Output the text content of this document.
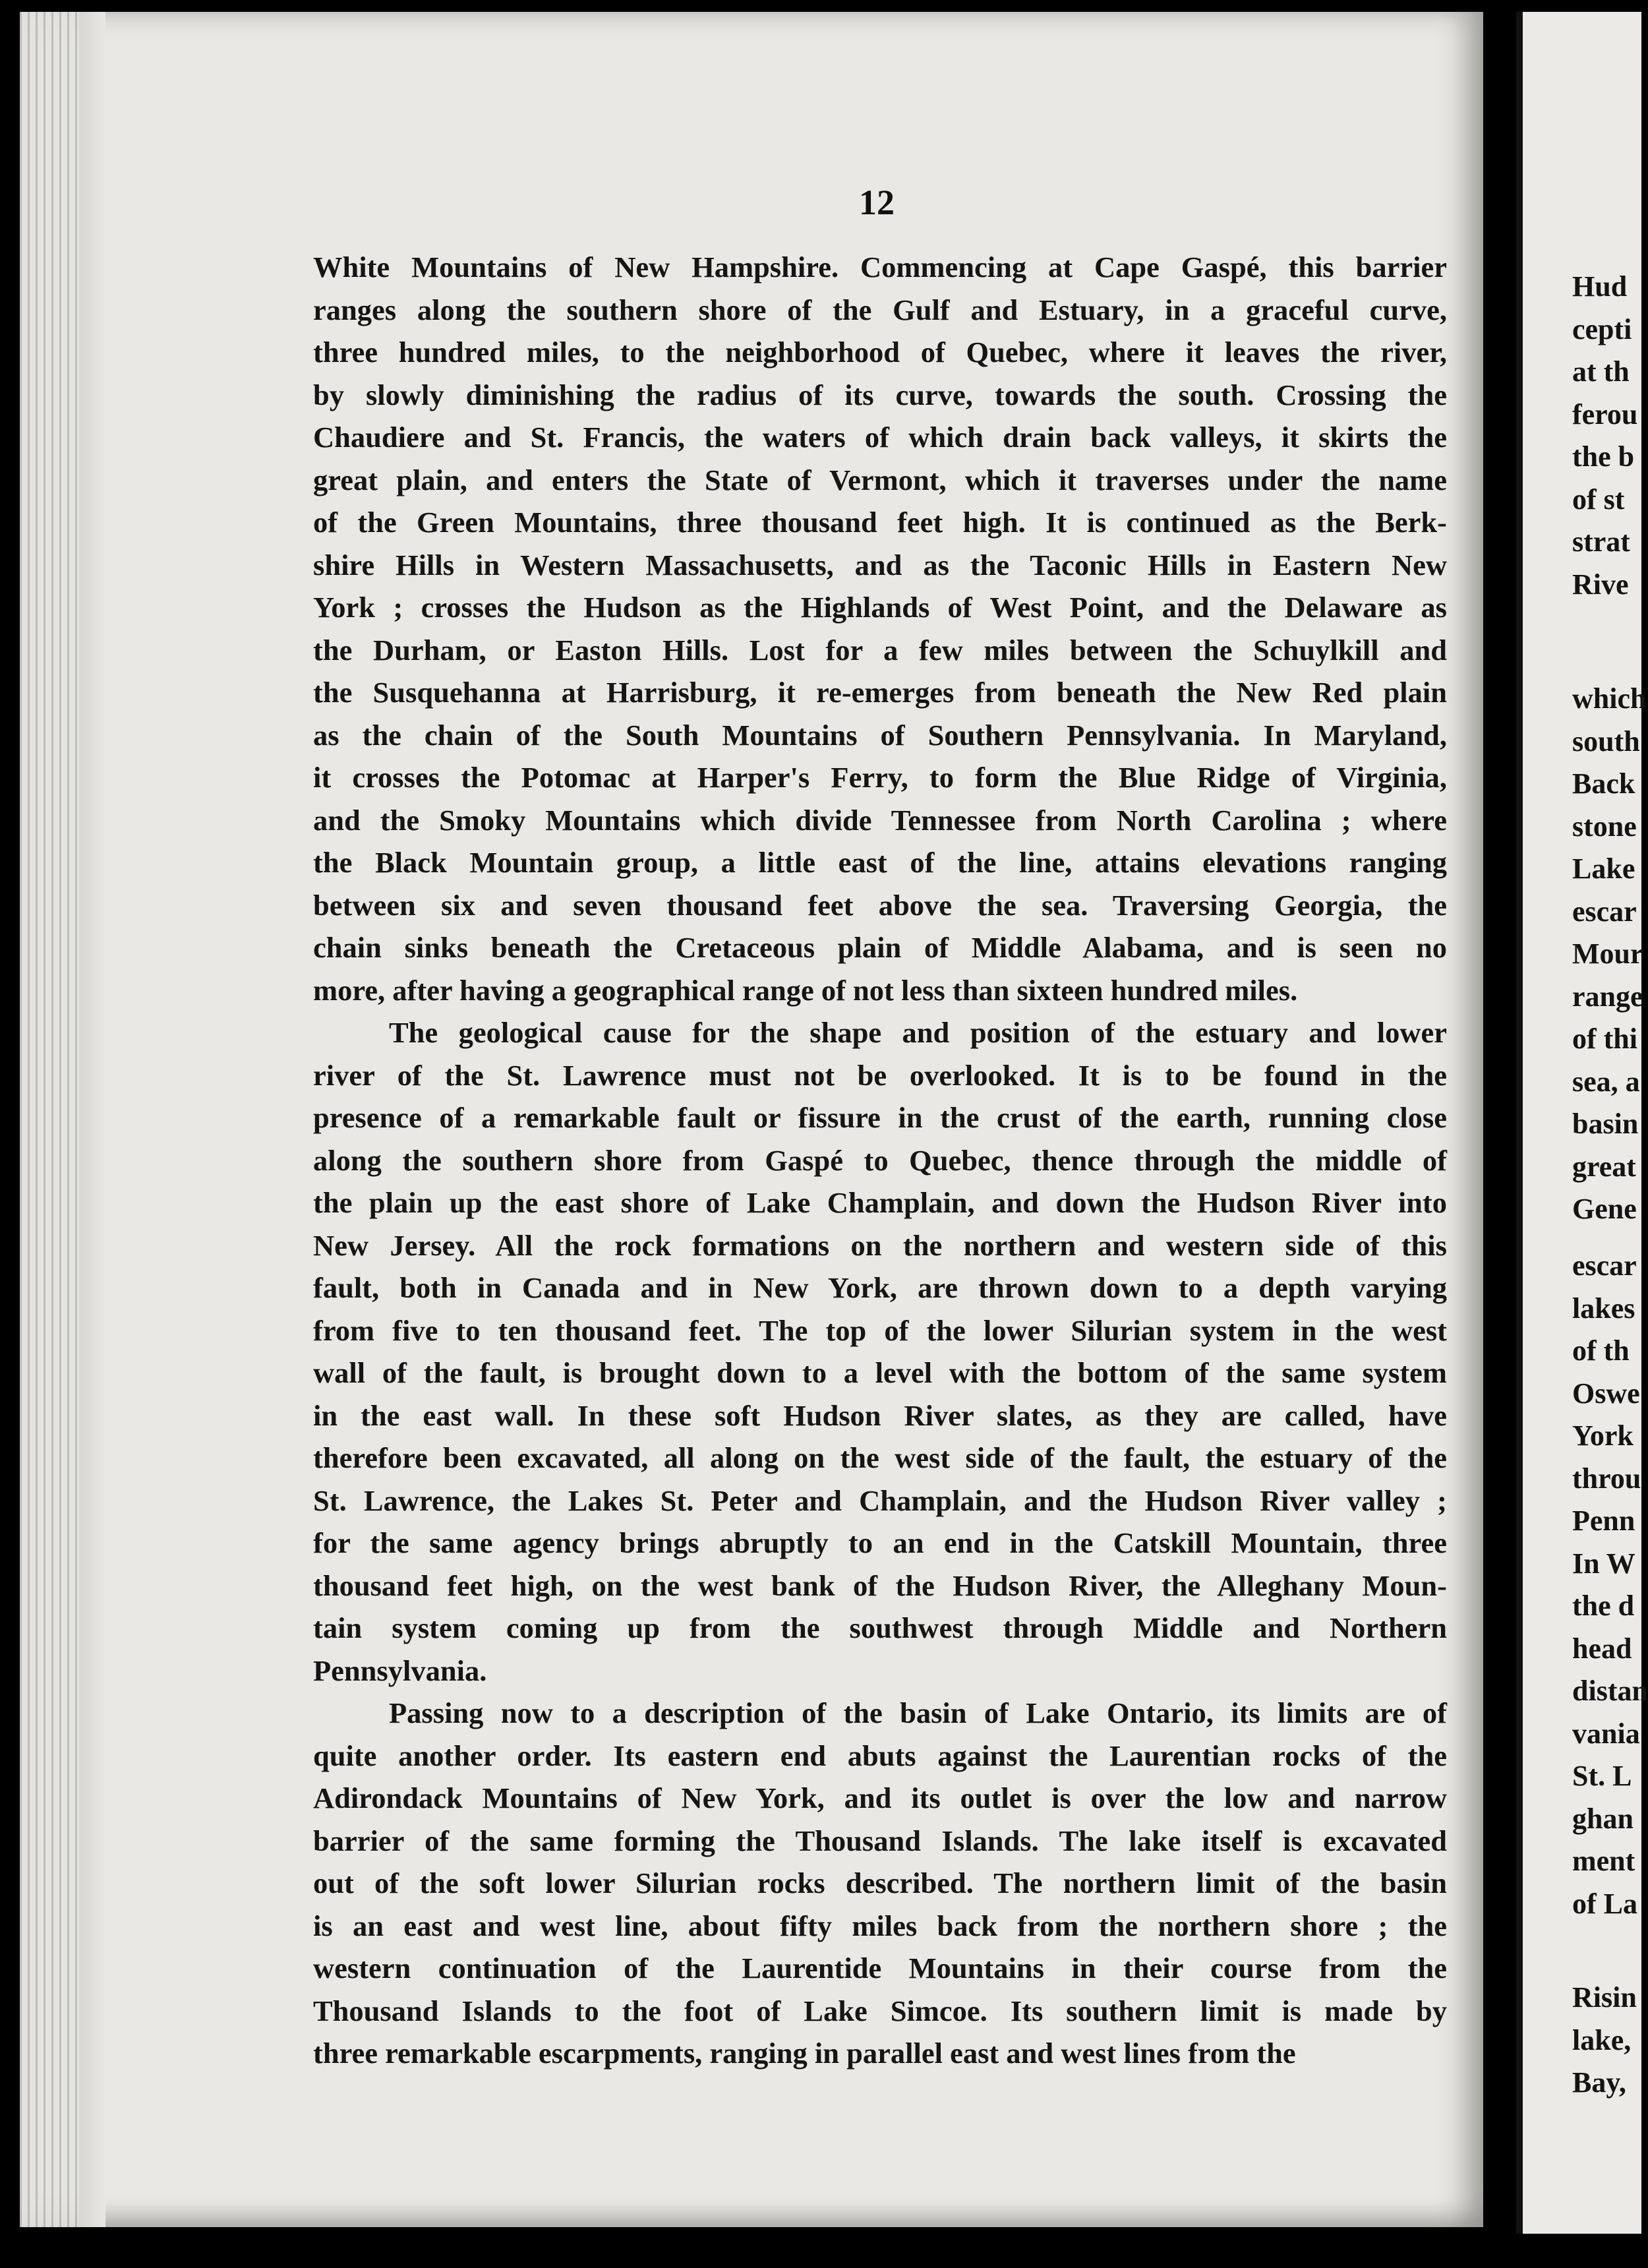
12
White Mountains of New Hampshire. Commencing at Cape Gaspé, this barrier
ranges along the southern shore of the Gulf and Estuary, in a graceful curve,
three hundred miles, to the neighborhood of Quebec, where it leaves the river,
by slowly diminishing the radius of its curve, towards the south. Crossing the
Chaudiere and St. Francis, the waters of which drain back valleys, it skirts the
great plain, and enters the State of Vermont, which it traverses under the name
of the Green Mountains, three thousand feet high. It is continued as the Berk-
shire Hills in Western Massachusetts, and as the Taconic Hills in Eastern New
York ; crosses the Hudson as the Highlands of West Point, and the Delaware as
the Durham, or Easton Hills. Lost for a few miles between the Schuylkill and
the Susquehanna at Harrisburg, it re-emerges from beneath the New Red plain
as the chain of the South Mountains of Southern Pennsylvania. In Maryland,
it crosses the Potomac at Harper's Ferry, to form the Blue Ridge of Virginia,
and the Smoky Mountains which divide Tennessee from North Carolina ; where
the Black Mountain group, a little east of the line, attains elevations ranging
between six and seven thousand feet above the sea. Traversing Georgia, the
chain sinks beneath the Cretaceous plain of Middle Alabama, and is seen no
more, after having a geographical range of not less than sixteen hundred miles.
The geological cause for the shape and position of the estuary and lower
river of the St. Lawrence must not be overlooked. It is to be found in the
presence of a remarkable fault or fissure in the crust of the earth, running close
along the southern shore from Gaspé to Quebec, thence through the middle of
the plain up the east shore of Lake Champlain, and down the Hudson River into
New Jersey. All the rock formations on the northern and western side of this
fault, both in Canada and in New York, are thrown down to a depth varying
from five to ten thousand feet. The top of the lower Silurian system in the west
wall of the fault, is brought down to a level with the bottom of the same system
in the east wall. In these soft Hudson River slates, as they are called, have
therefore been excavated, all along on the west side of the fault, the estuary of the
St. Lawrence, the Lakes St. Peter and Champlain, and the Hudson River valley ;
for the same agency brings abruptly to an end in the Catskill Mountain, three
thousand feet high, on the west bank of the Hudson River, the Alleghany Moun-
tain system coming up from the southwest through Middle and Northern
Pennsylvania.
Passing now to a description of the basin of Lake Ontario, its limits are of
quite another order. Its eastern end abuts against the Laurentian rocks of the
Adirondack Mountains of New York, and its outlet is over the low and narrow
barrier of the same forming the Thousand Islands. The lake itself is excavated
out of the soft lower Silurian rocks described. The northern limit of the basin
is an east and west line, about fifty miles back from the northern shore ; the
western continuation of the Laurentide Mountains in their course from the
Thousand Islands to the foot of Lake Simcoe. Its southern limit is made by
three remarkable escarpments, ranging in parallel east and west lines from the
Hud
cepti
at th
ferou
the b
of st
strat
Rive
which
south
Back
stone
Lake
escar
Mour
range
of thi
sea, a
basin
great
Gene
escar
lakes
of th
Oswe
York
throu
Penn
In W
the d
head
distan
vania
St. L
ghan
ment
of La
Risin
lake,
Bay,
